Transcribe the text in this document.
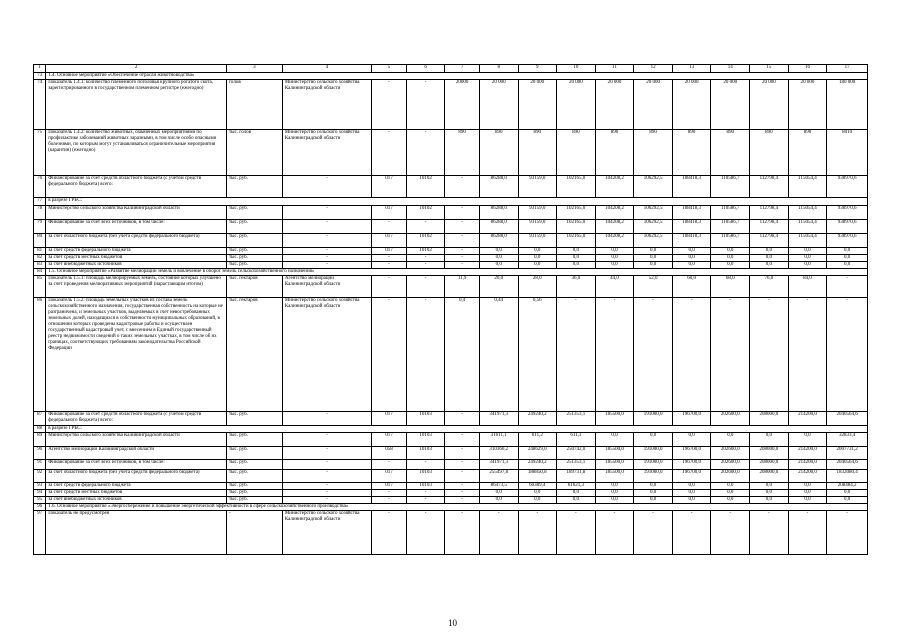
1	2	3	4	5	6	7	8	9	10	11	12	13	14	15	16	17
73	1.4. Основное мероприятие «Обеспечение отрасли животноводства»															
74	Показатель 1.4.1: количество племенного поголовья крупного рогатого скота, зарегистрированного в государственном племенном регистре (ежегодно)	голов	Министерство сельского хозяйства Калининградской области	-	-	20000	20 000	20 000	20 000	20 000	20 000	20 000	20 000	20 000	20 000	180 000
75	Показатель 1.4.2: количество животных, охваченных мероприятиями по профилактике заболеваний животных заразными, в том числе особо опасными болезнями, по которым могут устанавливаться ограничительные мероприятия (карантин) (ежегодно)	тыс. голов	Министерство сельского хозяйства Калининградской области	-	-	890	890	890	890	890	890	890	890	890	890	8010
76	Финансирование за счет средств областного бюджета (с учетом средств федерального бюджета) всего:	тыс. руб.	-	017	10102	-	86288,0	93159,0	102165,0	104208,2	106292,5	108418,3	110586,7	112798,4	115054,4	938970,6
77	в разрезе ГРБС:															
78	Министерство сельского хозяйства Калининградской области	тыс. руб.	-	017	10102	-	86288,0	93159,0	102165,0	104208,2	106292,5	108418,3	110586,7	112798,4	115054,4	938970,6
79	Финансирование за счет всех источников, в том числе:	тыс. руб.	-	-	-	-	86288,0	93159,0	102165,0	104208,2	106292,5	108418,3	110586,7	112798,4	115054,4	938970,6
80	за счет областного бюджета (без учета средств федерального бюджета)	тыс. руб.	-	017	10102	-	86288,0	93159,0	102165,0	104208,2	106292,5	108418,3	110586,7	112798,4	115054,4	938970,6
81	за счет средств федерального бюджета	тыс. руб.	-	017	10102	-	0,0	0,0	0,0	0,0	0,0	0,0	0,0	0,0	0,0	0,0
82	за счет средств местных бюджетов	тыс. руб.	-	-	-	-	0,0	0,0	0,0	0,0	0,0	0,0	0,0	0,0	0,0	0,0
83	за счет внебюджетных источников	тыс. руб.	-	-	-	-	0,0	0,0	0,0	0,0	0,0	0,0	0,0	0,0	0,0	0,0
84	1.5. Основное мероприятие «Развитие мелиорации земель и вовлечение в оборот земель сельскохозяйственного назначения»															
85	Показатель 1.5.1: площадь мелиорируемых земель, состояние которых улучшено за счет проведения мелиоративных мероприятий (нарастающим итогом)	тыс. гектаров	Агентство мелиорации Калининградской области	-	-	11,9	20,0	28,0	36,0	44,0	52,0	60,0	68,0	76,0	84,0	-
86	Показатель 1.5.2: площадь земельных участков из состава земель сельскохозяйственного назначения, государственная собственность на которые не разграничена, и земельных участков, выделяемых в счет невостребованных земельных долей, находящихся в собственности муниципальных образований, в отношении которых проведены кадастровые работы и осуществлен государственный кадастровый учет, с внесением в Единый государственный реестр недвижимости сведений о таких земельных участках, в том числе об их границах, соответствующих требованиям законодательства Российской Федерации	тыс. гектаров	Министерство сельского хозяйства Калининградской области	-	-	0,4	0,44	0,56	-	-	-	-	-	-	-	-
87	Финансирование за счет средств областного бюджета (с учетом средств федерального бюджета) всего:	тыс. руб.	-	017	10103	-	341971,3	249240,2	251353,1	185500,0	191000,0	196700,0	202600,0	208000,0	214200,0	2040564,6
88	в разрезе ГРБС:															
89	Министерство сельского хозяйства Калининградской области	тыс. руб.	-	017	10103	-	31611,1	611,2	611,3	0,0	0,0	0,0	0,0	0,0	0,0	32833,4
90	Агентство мелиорации Калининградской области	тыс. руб.	-	058	10103	-	310360,2	248629,0	250742,0	185500,0	191000,0	196700,0	202600,0	208000,0	214200,0	2007731,2
91	Финансирование за счет всех источников, в том числе:	тыс. руб.	-	-	-	-	341971,3	249240,2	251353,1	185500,0	191000,0	196700,0	202600,0	208000,0	214200,0	2040564,6
92	за счет областного бюджета (без учета средств федерального бюджета)	тыс. руб.	-	017	10103	-	255497,8	188850,8	189731,8	185500,0	191000,0	196700,0	202600,0	208000,0	214200,0	1832080,4
93	за счет средств федерального бюджета	тыс. руб.	-	017	10103	-	86473,5	60389,4	61621,3	0,0	0,0	0,0	0,0	0,0	0,0	208484,2
94	за счет средств местных бюджетов	тыс. руб.	-	-	-	-	0,0	0,0	0,0	0,0	0,0	0,0	0,0	0,0	0,0	0,0
95	за счет внебюджетных источников	тыс. руб.	-	-	-	-	0,0	0,0	0,0	0,0	0,0	0,0	0,0	0,0	0,0	0,0
96	1.6. Основное мероприятие «Энергосбережение и повышение энергетической эффективности в сфере сельскохозяйственного производства»															
97	Показатель не предусмотрен	-	Министерство сельского хозяйства Калининградской области	-	-	-	-	-	-	-	-	-	-	-	-	-
10
